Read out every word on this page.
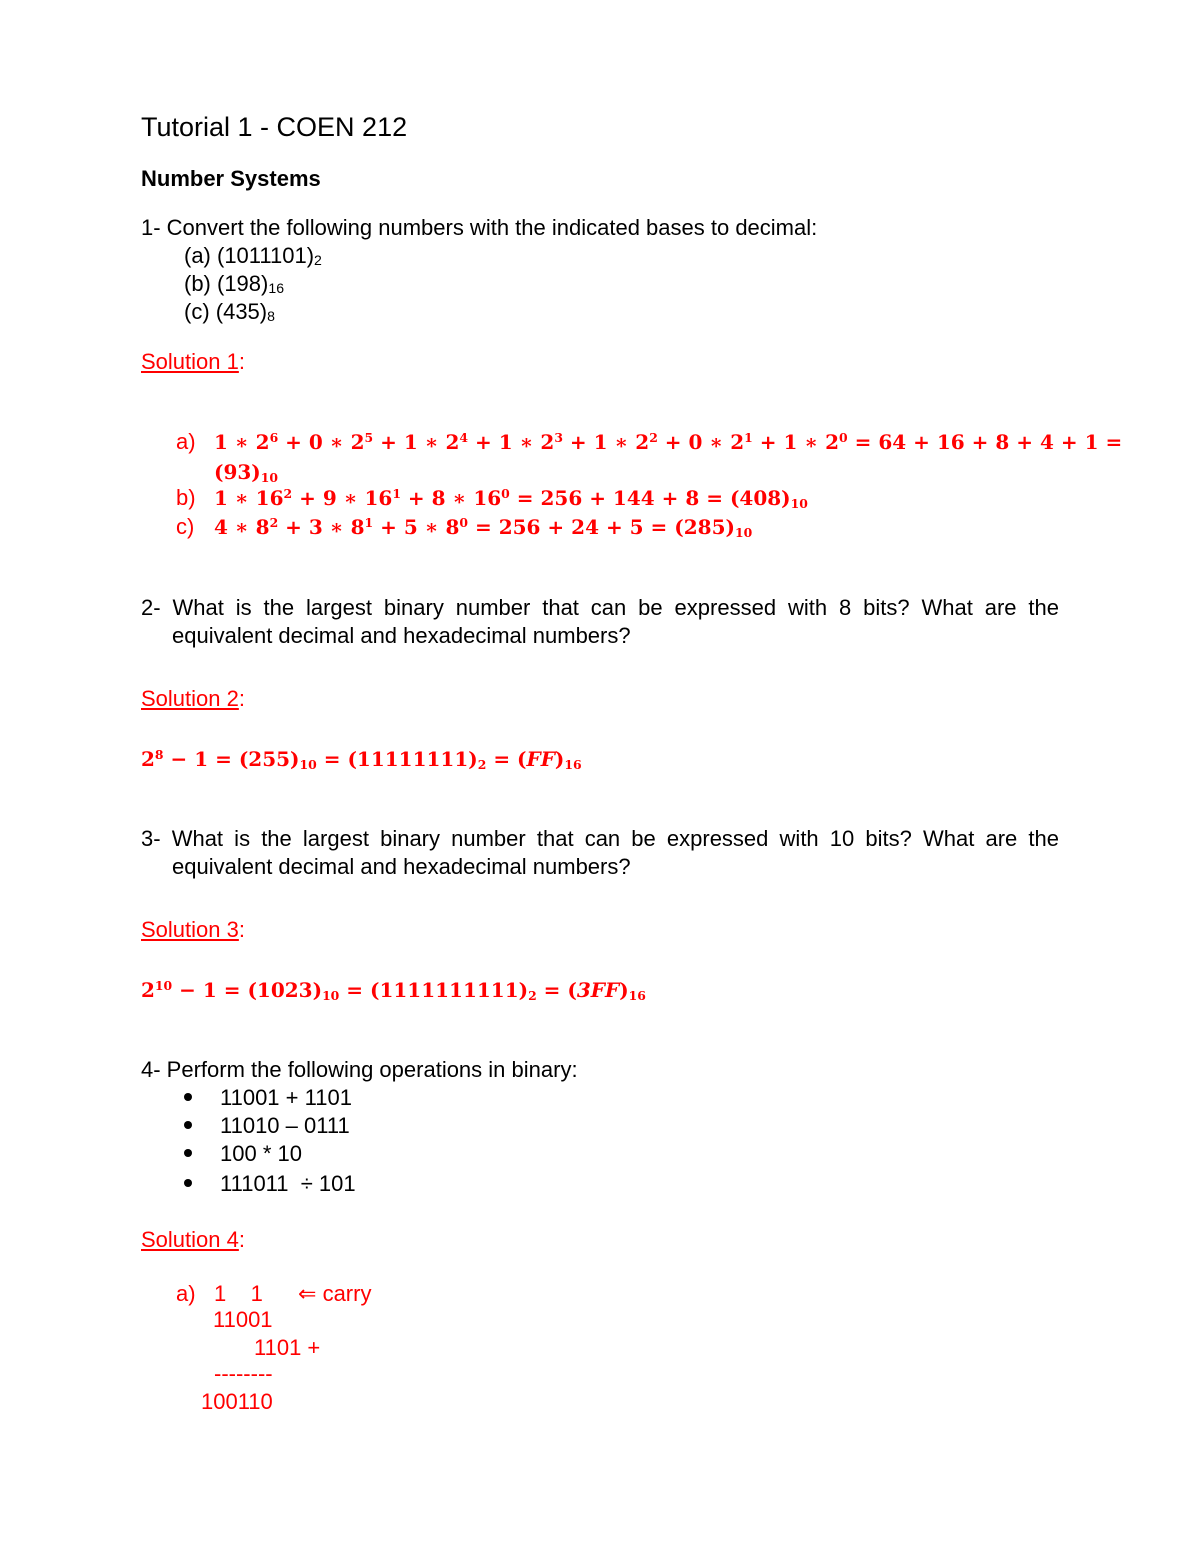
Tutorial 1 - COEN 212
Number Systems
1- Convert the following numbers with the indicated bases to decimal:
(a) (1011101)2
(b) (198)16
(c) (435)8
Solution 1:
a) 1 ∗ $2^6 + 0$ ∗ $2^5 + 1$ ∗ $2^4 + 1$ ∗ $2^3 + 1$ ∗ $2^2 + 0$ ∗ $2^1 + 1$ ∗ $2^0 = 64 + 16 + 8 + 4 + 1$ =
$(93)_{10}$
b) 1 ∗ $16^2 + 9$ ∗ $16^1 + 8$ ∗ $16^0 = 256 + 144 + 8 = (408)_{10}$
c) 4 ∗ $8^2 + 3$ ∗ $8^1 + 5$ ∗ $8^0 = 256 + 24 + 5 = (285)_{10}$
2- What is the largest binary number that can be expressed with 8 bits? What are the
equivalent decimal and hexadecimal numbers?
Solution 2:
$2^8 - 1 = (255)_{10} = (11111111)_2 = (FF)_{16}$
3- What is the largest binary number that can be expressed with 10 bits? What are the
equivalent decimal and hexadecimal numbers?
Solution 3:
$2^{10} - 1 = (1023)_{10} = (1111111111)_2 = (3FF)_{16}$
4- Perform the following operations in binary:
11001 + 1101
11010 – 0111
100 * 10
111011  ÷ 101
Solution 4:
a) 1    1 ⇐ carry
11001
1101 +
--------
100110
